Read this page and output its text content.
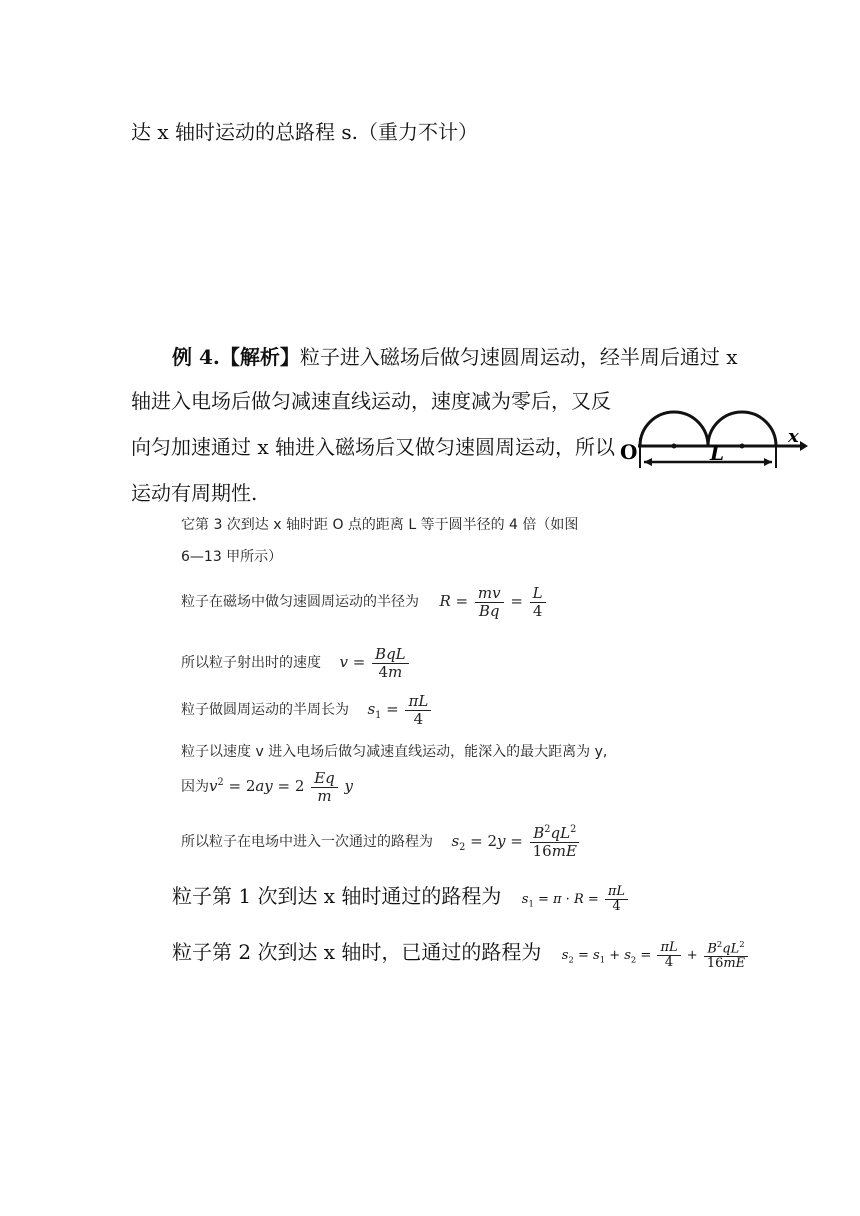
达 x 轴时运动的总路程 s.（重力不计）
例 4.【解析】粒子进入磁场后做匀速圆周运动，经半周后通过 x
轴进入电场后做匀减速直线运动，速度减为零后，又反
向匀加速通过 x 轴进入磁场后又做匀速圆周运动，所以
运动有周期性.
O	L
x
它第 3 次到达 x 轴时距 O 点的距离 L 等于圆半径的 4 倍（如图
6—13 甲所示）
粒子在磁场中做匀速圆周运动的半径为 $R = \frac{mv}{Bq} = \frac{L}{4}$
所以粒子射出时的速度 $v = \frac{\text{BqL}}{4m}$
粒子做圆周运动的半周长为 $s_1 = \frac{\pi L}{4}$
粒子以速度 v 进入电场后做匀减速直线运动，能深入的最大距离为 y,
因为$v^2 = 2ay = 2 \frac{Eq}{m}$ y
所以粒子在电场中进入一次通过的路程为 $s_2 = 2y = \frac{B^2qL^2}{16mE}$
粒子第 1 次到达 x 轴时通过的路程为 $s_1 = \pi \cdot R = \frac{\pi L}{4}$
粒子第 2 次到达 x 轴时，已通过的路程为 $s_2 = s_1 + s_2 = \frac{\pi L}{4} + \frac{B^2qL^2}{16mE}$
